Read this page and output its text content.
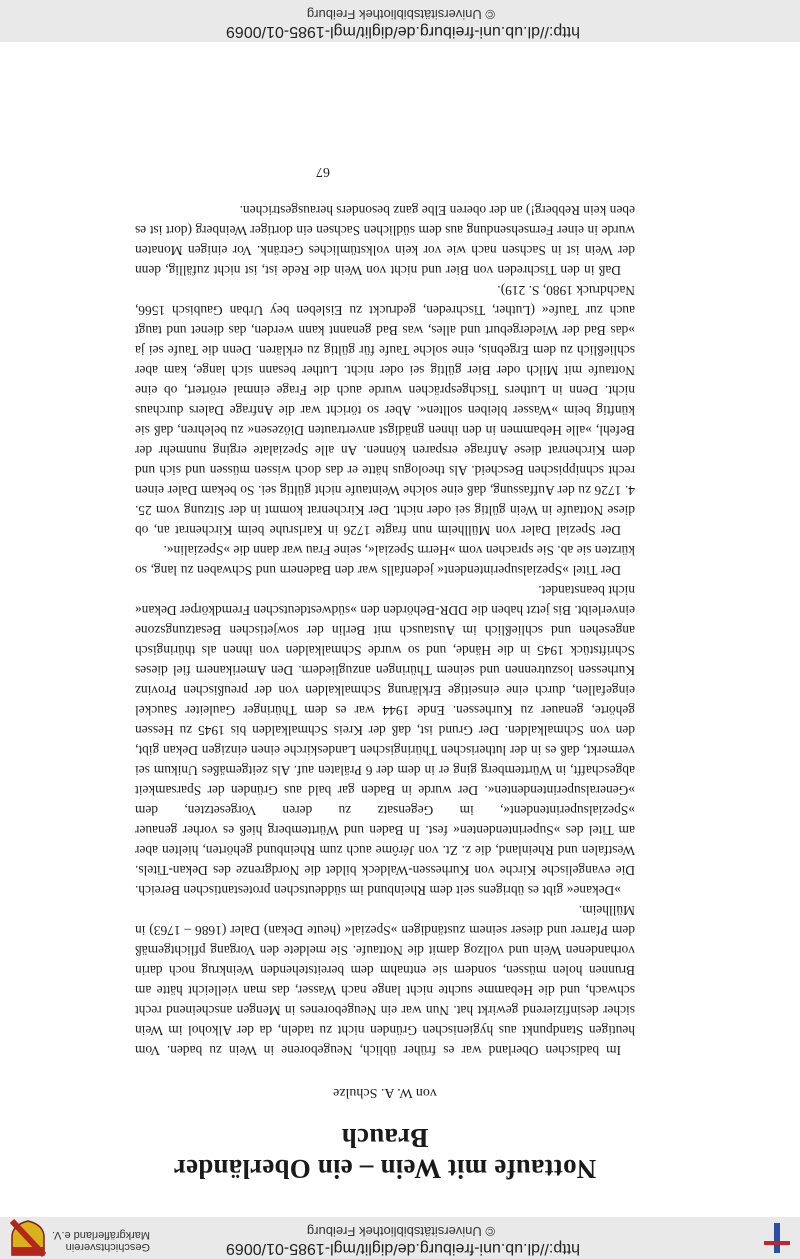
http://dl.ub.uni-freiburg.de/diglit/mgl-1985-01/0069
© Universitätsbibliothek Freiburg
Geschichtsverein
Markgräflerland e.V.
Nottaufe mit Wein – ein Oberländer Brauch
von W. A. Schulze

Im badischen Oberland war es früher üblich, Neugeborene in Wein zu baden. Vom heutigen Standpunkt aus hygienischen Gründen nicht zu tadeln, da der Alkohol im Wein sicher desinfizierend gewirkt hat. Nun war ein Neugeborenes in Mengen anscheinend recht schwach, und die Hebamme suchte nicht lange nach Wasser, das man vielleicht hätte am Brunnen holen müssen, sondern sie entnahm dem bereitstehenden Weinkrug noch darin vorhandenen Wein und vollzog damit die Nottaufe. Sie meldete den Vorgang pflichtgemäß dem Pfarrer und dieser seinem zuständigen »Spezial« (heute Dekan) Daler (1686 – 1763) in Müllheim.

»Dekane« gibt es übrigens seit dem Rheinbund im süddeutschen protestantischen Bereich. Die evangelische Kirche von Kurhessen-Waldeck bildet die Nordgrenze des Dekan-Titels. Westfalen und Rheinland, die z. Zt. von Jérôme auch zum Rheinbund gehörten, hielten aber am Titel des »Superintendenten« fest. In Baden und Württemberg hieß es vorher genauer »Spezialsuperintendent«, im Gegensatz zu deren Vorgesetzten, dem »Generalsuperintendenten«. Der wurde in Baden gar bald aus Gründen der Sparsamkeit abgeschafft, in Württemberg ging er in dem der 6 Prälaten auf. Als zeitgemäßes Unikum sei vermerkt, daß es in der lutherischen Thüringischen Landeskirche einen einzigen Dekan gibt, den von Schmalkalden. Der Grund ist, daß der Kreis Schmalkalden bis 1945 zu Hessen gehörte, genauer zu Kurhessen. Ende 1944 war es dem Thüringer Gauleiter Sauckel eingefallen, durch eine einseitige Erklärung Schmalkalden von der preußischen Provinz Kurhessen loszutrennen und seinem Thüringen anzugliedern. Den Amerikanern fiel dieses Schriftstück 1945 in die Hände, und so wurde Schmalkalden von ihnen als thüringisch angesehen und schließlich im Austausch mit Berlin der sowjetischen Besatzungszone einverleibt. Bis jetzt haben die DDR-Behörden den »südwestdeutschen Fremdkörper Dekan« nicht beanstandet.

Der Titel »Spezialsuperintendent« jedenfalls war den Badenern und Schwaben zu lang, so kürzten sie ab. Sie sprachen vom »Herrn Spezial«, seine Frau war dann die »Spezialin«.

Der Spezial Daler von Müllheim nun fragte 1726 in Karlsruhe beim Kirchenrat an, ob diese Nottaufe in Wein gültig sei oder nicht. Der Kirchenrat kommt in der Sitzung vom 25. 4. 1726 zu der Auffassung, daß eine solche Weintaufe nicht gültig sei. So bekam Daler einen recht schnippischen Bescheid. Als theologus hätte er das doch wissen müssen und sich und dem Kirchenrat diese Anfrage ersparen können. An alle Spezialate erging nunmehr der Befehl, »alle Hebammen in den ihnen gnädigst anvertrauten Diözesen« zu belehren, daß sie künftig beim »Wasser bleiben sollten«. Aber so töricht war die Anfrage Dalers durchaus nicht. Denn in Luthers Tischgesprächen wurde auch die Frage einmal erörtert, ob eine Nottaufe mit Milch oder Bier gültig sei oder nicht. Luther besann sich lange, kam aber schließlich zu dem Ergebnis, eine solche Taufe für gültig zu erklären. Denn die Taufe sei ja »das Bad der Wiedergeburt und alles, was Bad genannt kann werden, das dienet und taugt auch zur Taufe« (Luther, Tischreden, gedruckt zu Eisleben bey Urban Gaubisch 1566, Nachdruck 1980, S. 219).

Daß in den Tischreden von Bier und nicht von Wein die Rede ist, ist nicht zufällig, denn der Wein ist in Sachsen nach wie vor kein volkstümliches Getränk. Vor einigen Monaten wurde in einer Fernsehsendung aus dem südlichen Sachsen ein dortiger Weinberg (dort ist es eben kein Rebberg!) an der oberen Elbe ganz besonders herausgestrichen.

67
http://dl.ub.uni-freiburg.de/diglit/mgl-1985-01/0069
© Universitätsbibliothek Freiburg
